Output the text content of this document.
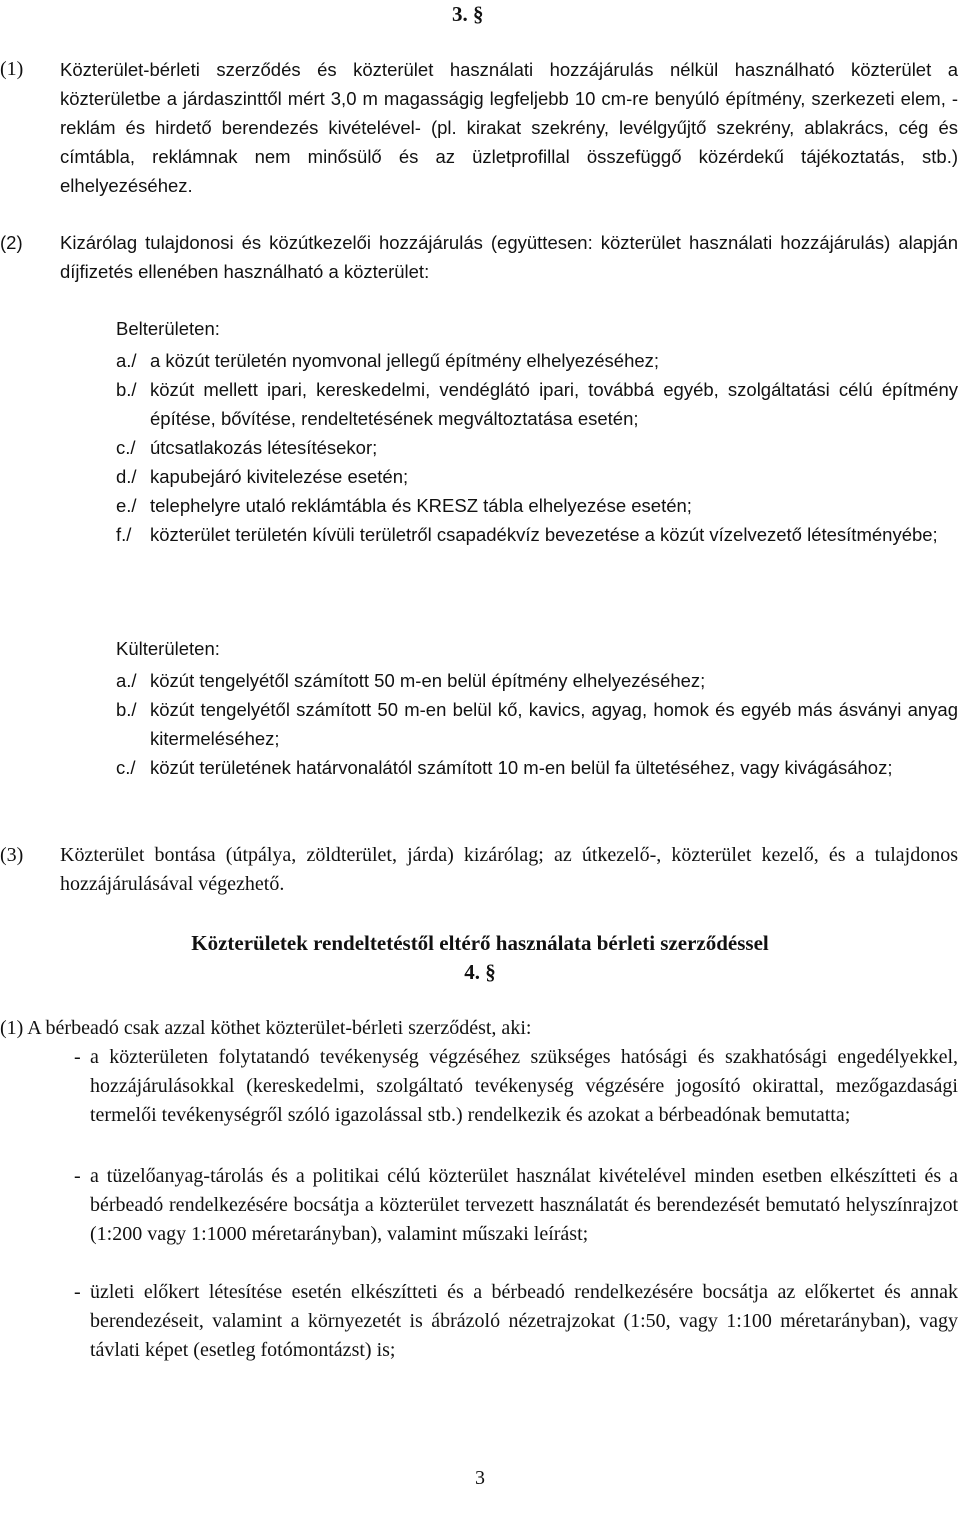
3. §
(1)	Közterület-bérleti szerződés és közterület használati hozzájárulás nélkül használható közterület a közterületbe a járdaszinttől mért 3,0 m magasságig legfeljebb 10 cm-re benyúló építmény, szerkezeti elem, -reklám és hirdető berendezés kivételével- (pl. kirakat szekrény, levélgyűjtő szekrény, ablakrács, cég és címtábla, reklámnak nem minősülő és az üzletprofillal összefüggő közérdekű tájékoztatás, stb.) elhelyezéséhez.
(2)	Kizárólag tulajdonosi és közútkezelői hozzájárulás (együttesen: közterület használati hozzájárulás) alapján díjfizetés ellenében használható a közterület:
Belterületen:
a./ a közút területén nyomvonal jellegű építmény elhelyezéséhez;
b./ közút mellett ipari, kereskedelmi, vendéglátó ipari, továbbá egyéb, szolgáltatási célú építmény építése, bővítése, rendeltetésének megváltoztatása esetén;
c./ útcsatlakozás létesítésekor;
d./ kapubejáró kivitelezése esetén;
e./ telephelyre utaló reklámtábla és KRESZ tábla elhelyezése esetén;
f./	közterület területén kívüli területről csapadékvíz bevezetése a közút vízelvezető létesítményébe;
Külterületen:
a./ közút tengelyétől számított 50 m-en belül építmény elhelyezéséhez;
b./ közút tengelyétől számított 50 m-en belül kő, kavics, agyag, homok és egyéb más ásványi anyag kitermeléséhez;
c./ közút területének határvonalától számított 10 m-en belül fa ültetéséhez, vagy kivágásához;
(3)	Közterület bontása (útpálya, zöldterület, járda) kizárólag; az útkezelő-, közterület kezelő, és a tulajdonos hozzájárulásával végezhető.
Közterületek rendeltetéstől eltérő használata bérleti szerződéssel
4. §
(1) A bérbeadó csak azzal köthet közterület-bérleti szerződést, aki:
- a közterületen folytatandó tevékenység végzéséhez szükséges hatósági és szakhatósági engedélyekkel, hozzájárulásokkal (kereskedelmi, szolgáltató tevékenység végzésére jogosító okirattal, mezőgazdasági termelői tevékenységről szóló igazolással stb.) rendelkezik és azokat a bérbeadónak bemutatta;
- a tüzelőanyag-tárolás és a politikai célú közterület használat kivételével minden esetben elkészítteti és a bérbeadó rendelkezésére bocsátja a közterület tervezett használatát és berendezését bemutató helyszínrajzot (1:200 vagy 1:1000 méretarányban), valamint műszaki leírást;
- üzleti előkert létesítése esetén elkészítteti és a bérbeadó rendelkezésére bocsátja az előkertet és annak berendezéseit, valamint a környezetét is ábrázoló nézetrajzokat (1:50, vagy 1:100 méretarányban), vagy távlati képet (esetleg fotómontázst) is;
3
